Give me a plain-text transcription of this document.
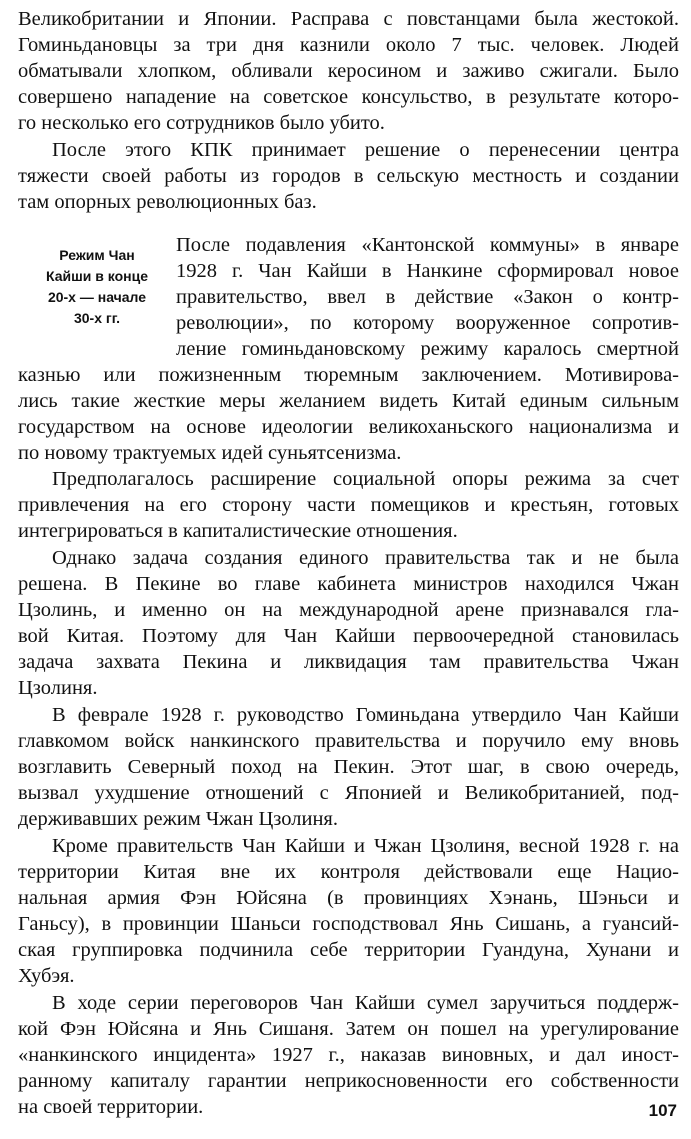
Великобритании и Японии. Расправа с повстанцами была жестокой.
Гоминьдановцы за три дня казнили около 7 тыс. человек. Людей
обматывали хлопком, обливали керосином и заживо сжигали. Было
совершено нападение на советское консульство, в результате которо-
го несколько его сотрудников было убито.
После этого КПК принимает решение о перенесении центра
тяжести своей работы из городов в сельскую местность и создании
там опорных революционных баз.
Режим Чан
Кайши в конце
20-х — начале
30-х гг.
После подавления «Кантонской коммуны» в январе
1928 г. Чан Кайши в Нанкине сформировал новое
правительство, ввел в действие «Закон о контр-
революции», по которому вооруженное сопротив-
ление гоминьдановскому режиму каралось смертной
казнью или пожизненным тюремным заключением. Мотивирова-
лись такие жесткие меры желанием видеть Китай единым сильным
государством на основе идеологии великоханьского национализма и
по новому трактуемых идей суньятсенизма.
Предполагалось расширение социальной опоры режима за счет
привлечения на его сторону части помещиков и крестьян, готовых
интегрироваться в капиталистические отношения.
Однако задача создания единого правительства так и не была
решена. В Пекине во главе кабинета министров находился Чжан
Цзолинь, и именно он на международной арене признавался гла-
вой Китая. Поэтому для Чан Кайши первоочередной становилась
задача захвата Пекина и ликвидация там правительства Чжан
Цзолиня.
В феврале 1928 г. руководство Гоминьдана утвердило Чан Кайши
главкомом войск нанкинского правительства и поручило ему вновь
возглавить Северный поход на Пекин. Этот шаг, в свою очередь,
вызвал ухудшение отношений с Японией и Великобританией, под-
держивавших режим Чжан Цзолиня.
Кроме правительств Чан Кайши и Чжан Цзолиня, весной 1928 г. на
территории Китая вне их контроля действовали еще Нацио-
нальная армия Фэн Юйсяна (в провинциях Хэнань, Шэньси и
Ганьсу), в провинции Шаньси господствовал Янь Сишань, а гуансий-
ская группировка подчинила себе территории Гуандуна, Хунани и
Хубэя.
В ходе серии переговоров Чан Кайши сумел заручиться поддерж-
кой Фэн Юйсяна и Янь Сишаня. Затем он пошел на урегулирование
«нанкинского инцидента» 1927 г., наказав виновных, и дал иност-
ранному капиталу гарантии неприкосновенности его собственности
на своей территории.	107
